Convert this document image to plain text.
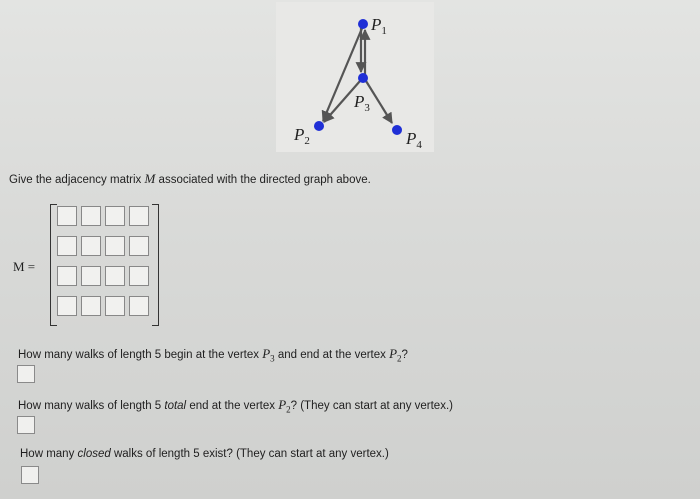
$P_1$
$P_3$
$P_2$	$P_4$
Give the adjacency matrix M associated with the directed graph above.
M =
How many walks of length 5 begin at the vertex $P_3$ and end at the vertex $P_2$?
How many walks of length 5 total end at the vertex $P_2$? (They can start at any vertex.)
How many closed walks of length 5 exist? (They can start at any vertex.)
